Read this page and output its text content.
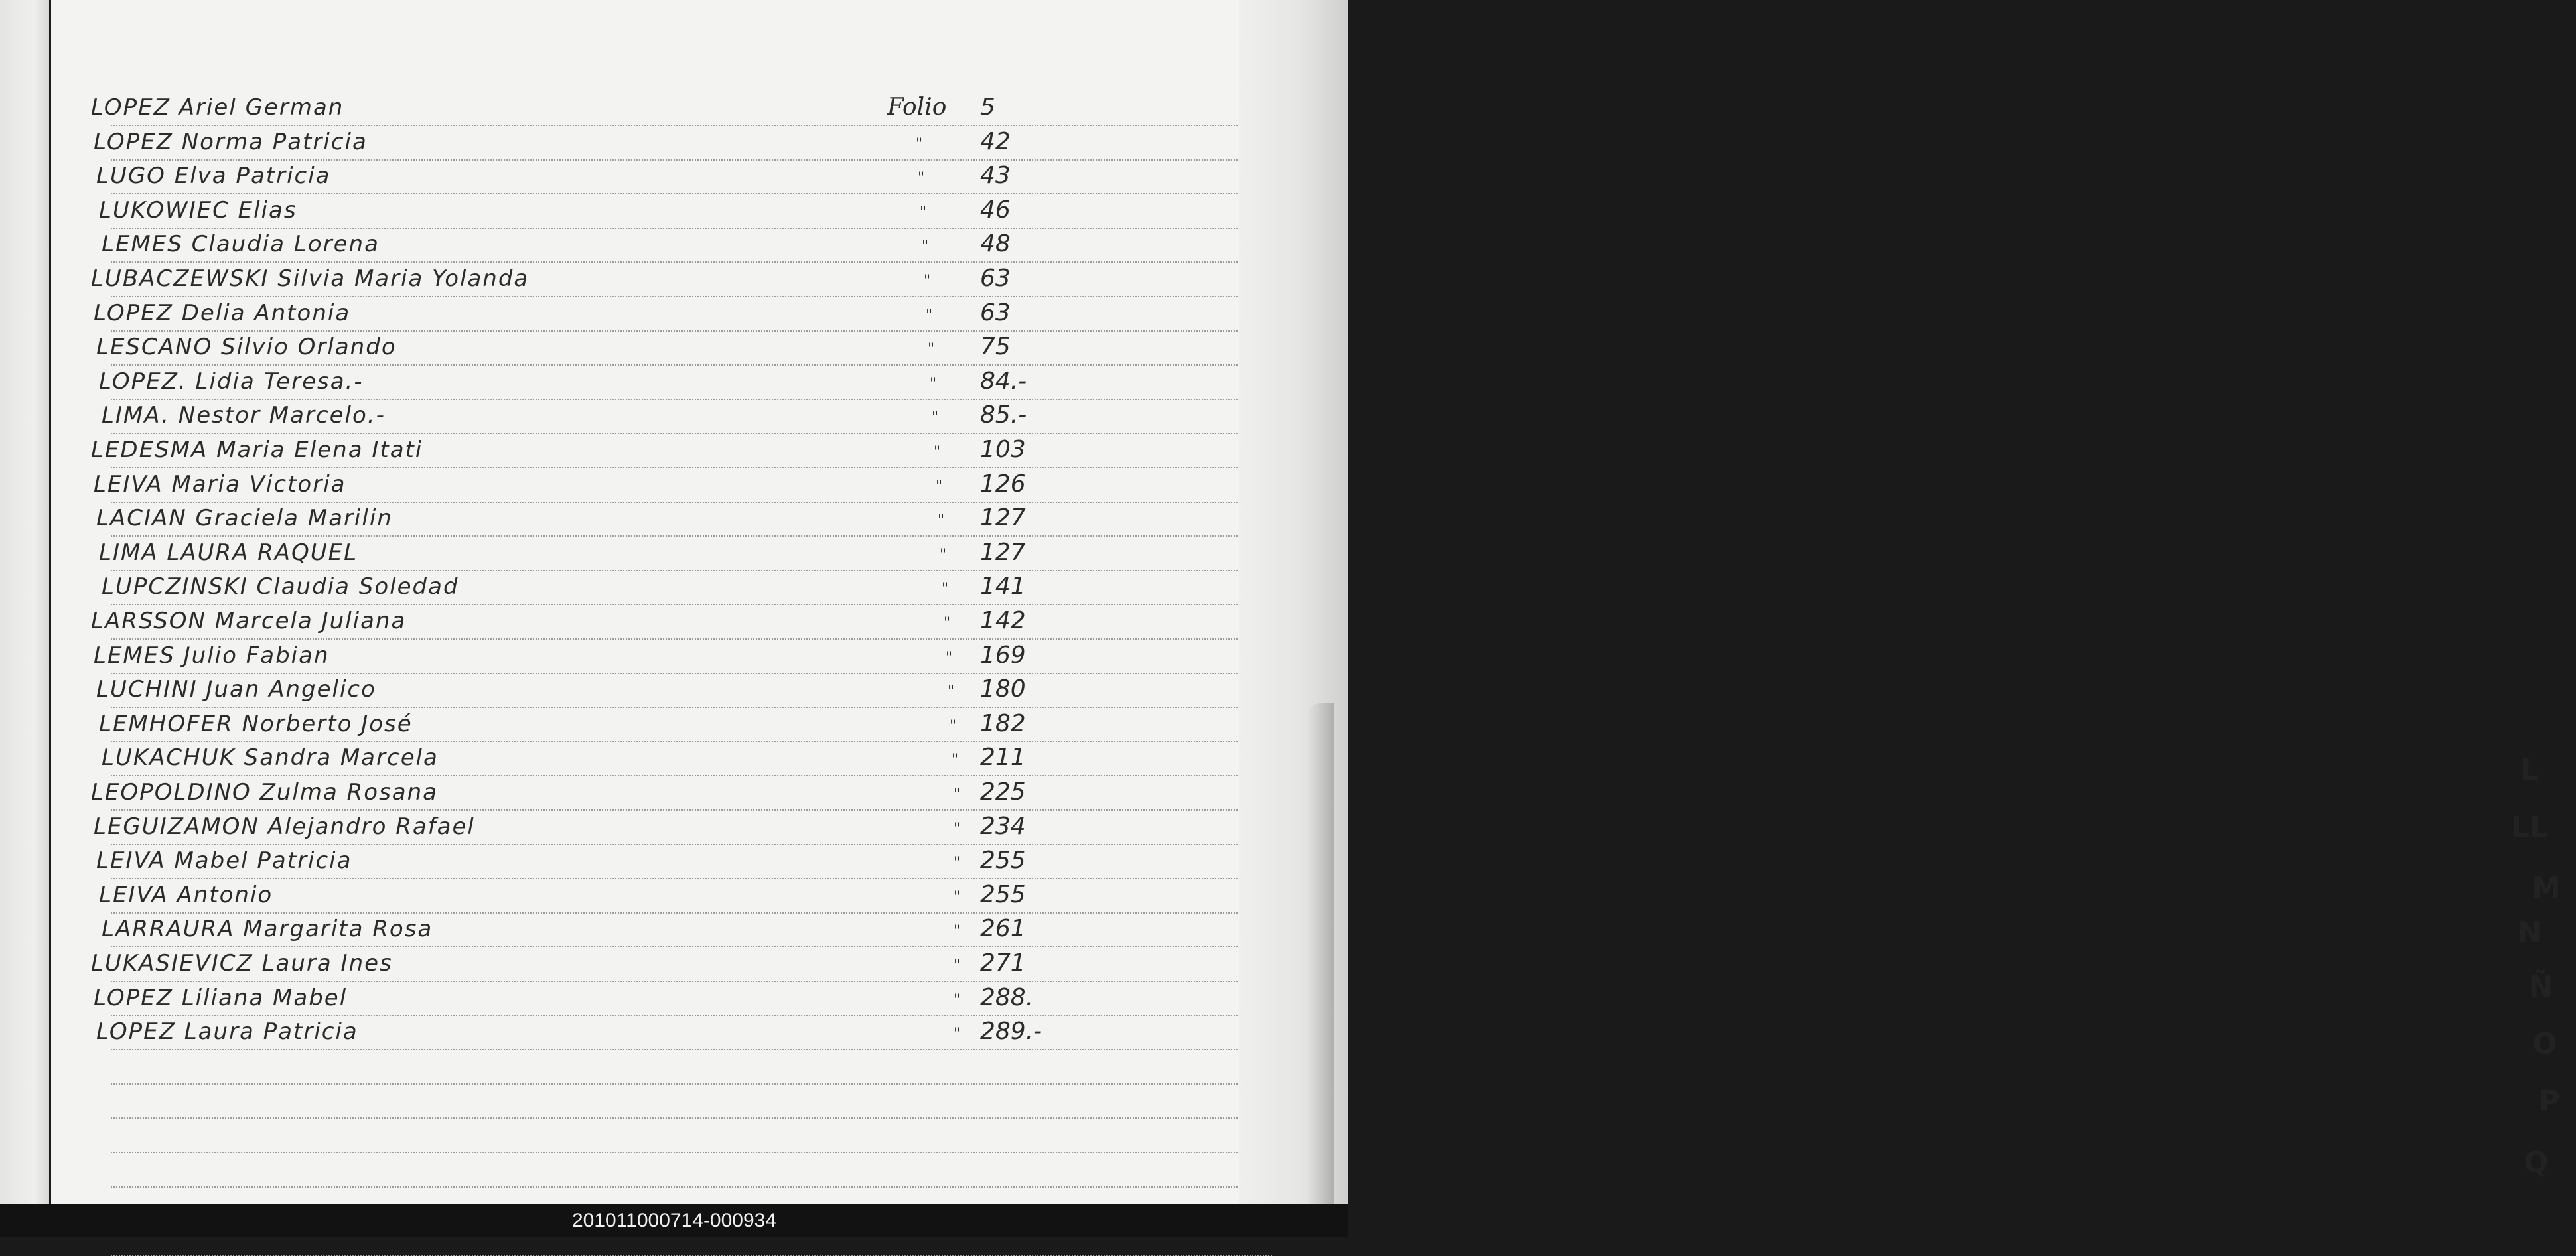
LOPEZ Ariel German	Folio 5
LOPEZ Norma Patricia	" 42
LUGO Elva Patricia	" 43
LUKOWIEC Elias	" 46
LEMES Claudia Lorena	" 48
LUBACZEWSKI Silvia Maria Yolanda	" 63
LOPEZ Delia Antonia	" 63
LESCANO Silvio Orlando	" 75
LOPEZ. Lidia Teresa.-	" 84.-
LIMA. Nestor Marcelo.-	" 85.-
LEDESMA Maria Elena Itati	" 103
LEIVA Maria Victoria	" 126
LACIAN Graciela Marilin	" 127
LIMA LAURA RAQUEL	" 127
LUPCZINSKI Claudia Soledad	" 141
LARSSON Marcela Juliana	" 142
LEMES Julio Fabian	" 169
LUCHINI Juan Angelico	" 180
LEMHOFER Norberto José	" 182
LUKACHUK Sandra Marcela	" 211
LEOPOLDINO Zulma Rosana	" 225
LEGUIZAMON Alejandro Rafael	" 234
LEIVA Mabel Patricia	" 255
LEIVA Antonio	" 255
LARRAURA Margarita Rosa	" 261
LUKASIEVICZ Laura Ines	" 271
LOPEZ Liliana Mabel	" 288.
LOPEZ Laura Patricia	" 289.-
L
LL
M
N
Ñ
O
P
Q
201011000714-000934
